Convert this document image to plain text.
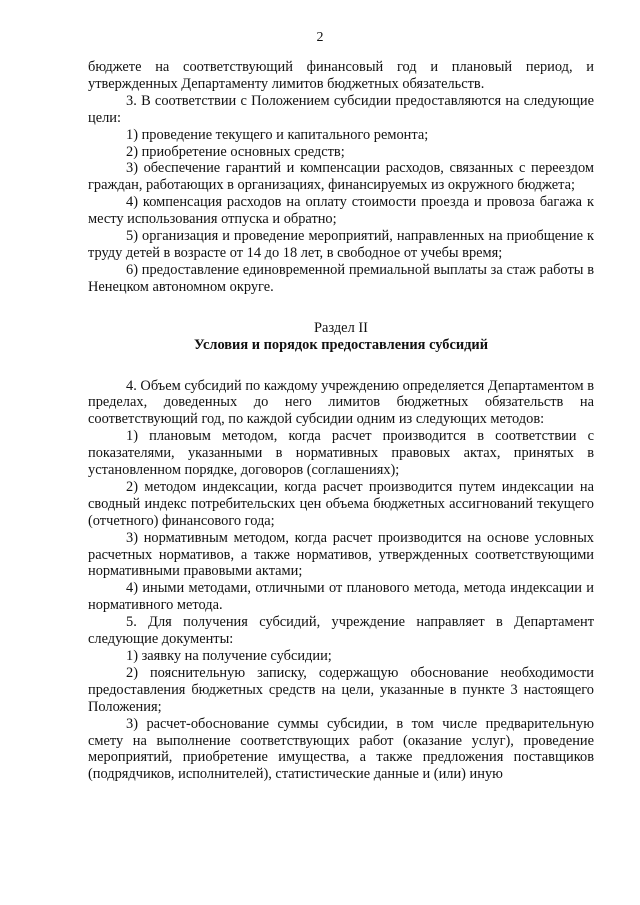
2

бюджете на соответствующий финансовый год и плановый период, и утвержденных Департаменту лимитов бюджетных обязательств.

3. В соответствии с Положением субсидии предоставляются на следующие цели:

1) проведение текущего и капитального ремонта;

2) приобретение основных средств;

3) обеспечение гарантий и компенсации расходов, связанных с переездом граждан, работающих в организациях, финансируемых из окружного бюджета;

4) компенсация расходов на оплату стоимости проезда и провоза багажа к месту использования отпуска и обратно;

5) организация и проведение мероприятий, направленных на приобщение к труду детей в возрасте от 14 до 18 лет, в свободное от учебы время;

6) предоставление единовременной премиальной выплаты за стаж работы в Ненецком автономном округе.

Раздел II

Условия и порядок предоставления субсидий

4. Объем субсидий по каждому учреждению определяется Департаментом в пределах, доведенных до него лимитов бюджетных обязательств на соответствующий год, по каждой субсидии одним из следующих методов:

1) плановым методом, когда расчет производится в соответствии с показателями, указанными в нормативных правовых актах, принятых в установленном порядке, договоров (соглашениях);

2) методом индексации, когда расчет производится путем индексации на сводный индекс потребительских цен объема бюджетных ассигнований текущего (отчетного) финансового года;

3) нормативным методом, когда расчет производится на основе условных расчетных нормативов, а также нормативов, утвержденных соответствующими нормативными правовыми актами;

4) иными методами, отличными от планового метода, метода индексации и нормативного метода.

5. Для получения субсидий, учреждение направляет в Департамент следующие документы:

1) заявку на получение субсидии;

2) пояснительную записку, содержащую обоснование необходимости предоставления бюджетных средств на цели, указанные в пункте 3 настоящего Положения;

3) расчет-обоснование суммы субсидии, в том числе предварительную смету на выполнение соответствующих работ (оказание услуг), проведение мероприятий, приобретение имущества, а также предложения поставщиков (подрядчиков, исполнителей), статистические данные и (или) иную
